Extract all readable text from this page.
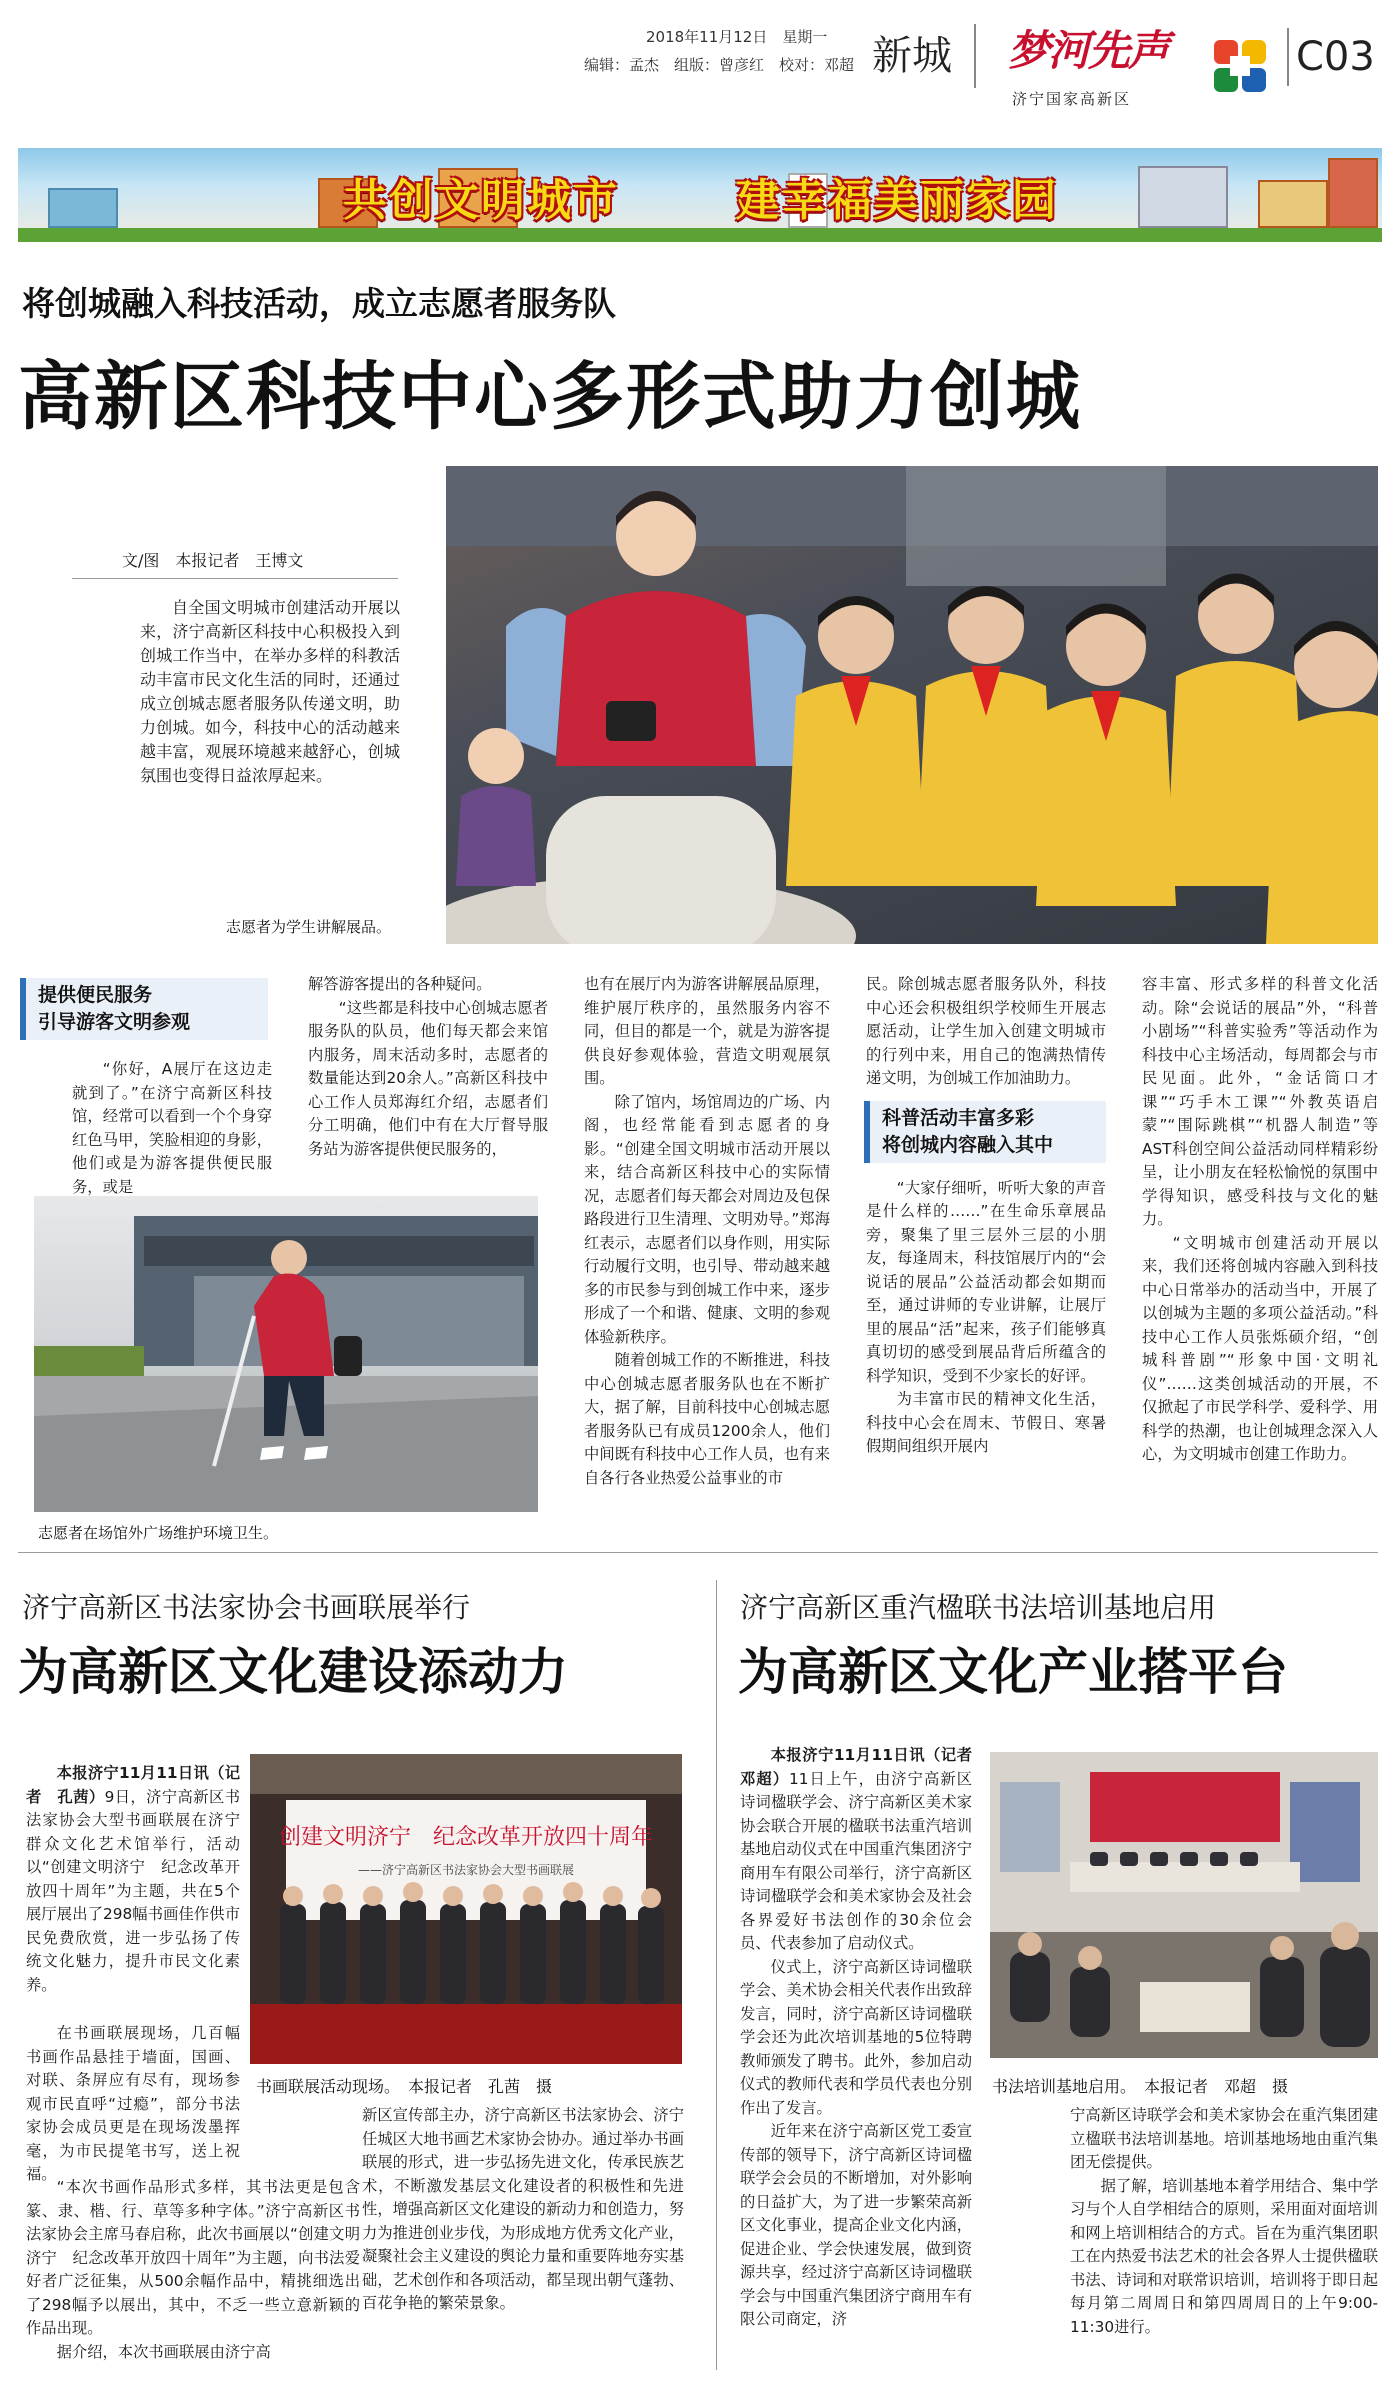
2018年11月12日　星期一
编辑：孟杰　组版：曾彦红　校对：邓超 新城 梦河先声
济宁国家高新区
C03
共创文明城市	建幸福美丽家园
将创城融入科技活动，成立志愿者服务队
高新区科技中心多形式助力创城
文/图　本报记者　王博文

自全国文明城市创建活动开展以来，济宁高新区科技中心积极投入到创城工作当中，在举办多样的科教活动丰富市民文化生活的同时，还通过成立创城志愿者服务队传递文明，助力创城。如今，科技中心的活动越来越丰富，观展环境越来越舒心，创城氛围也变得日益浓厚起来。

志愿者为学生讲解展品。
提供便民服务
引导游客文明参观

“你好，A展厅在这边走就到了。”在济宁高新区科技馆，经常可以看到一个个身穿红色马甲，笑脸相迎的身影，他们或是为游客提供便民服务，或是

志愿者在场馆外广场维护环境卫生。
解答游客提出的各种疑问。

“这些都是科技中心创城志愿者服务队的队员，他们每天都会来馆内服务，周末活动多时，志愿者的数量能达到20余人。”高新区科技中心工作人员郑海红介绍，志愿者们分工明确，他们中有在大厅督导服务站为游客提供便民服务的，

也有在展厅内为游客讲解展品原理，维护展厅秩序的，虽然服务内容不同，但目的都是一个，就是为游客提供良好参观体验，营造文明观展氛围。

除了馆内，场馆周边的广场、内阁，也经常能看到志愿者的身影。“创建全国文明城市活动开展以来，结合高新区科技中心的实际情况，志愿者们每天都会对周边及包保路段进行卫生清理、文明劝导。”郑海红表示，志愿者们以身作则，用实际行动履行文明，也引导、带动越来越多的市民参与到创城工作中来，逐步形成了一个和谐、健康、文明的参观体验新秩序。

随着创城工作的不断推进，科技中心创城志愿者服务队也在不断扩大，据了解，目前科技中心创城志愿者服务队已有成员1200余人，他们中间既有科技中心工作人员，也有来自各行各业热爱公益事业的市

民。除创城志愿者服务队外，科技中心还会积极组织学校师生开展志愿活动，让学生加入创建文明城市的行列中来，用自己的饱满热情传递文明，为创城工作加油助力。
科普活动丰富多彩
将创城内容融入其中

“大家仔细听，听听大象的声音是什么样的……”在生命乐章展品旁，聚集了里三层外三层的小朋友，每逢周末，科技馆展厅内的“会说话的展品”公益活动都会如期而至，通过讲师的专业讲解，让展厅里的展品“活”起来，孩子们能够真真切切的感受到展品背后所蕴含的科学知识，受到不少家长的好评。

为丰富市民的精神文化生活，科技中心会在周末、节假日、寒暑假期间组织开展内

容丰富、形式多样的科普文化活动。除“会说话的展品”外，“科普小剧场”“科普实验秀”等活动作为科技中心主场活动，每周都会与市民见面。此外，“金话筒口才课”“巧手木工课”“外教英语启蒙”“围际跳棋”“机器人制造”等AST科创空间公益活动同样精彩纷呈，让小朋友在轻松愉悦的氛围中学得知识，感受科技与文化的魅力。

“文明城市创建活动开展以来，我们还将创城内容融入到科技中心日常举办的活动当中，开展了以创城为主题的多项公益活动。”科技中心工作人员张烁硕介绍，“创城科普剧”“形象中国·文明礼仪”……这类创城活动的开展，不仅掀起了市民学科学、爱科学、用科学的热潮，也让创城理念深入人心，为文明城市创建工作助力。

济宁高新区书法家协会书画联展举行
为高新区文化建设添动力

本报济宁11月11日讯（记者　孔茜）9日，济宁高新区书法家协会大型书画联展在济宁群众文化艺术馆举行，活动以“创建文明济宁　纪念改革开放四十周年”为主题，共在5个展厅展出了298幅书画佳作供市民免费欣赏，进一步弘扬了传统文化魅力，提升市民文化素养。

在书画联展现场，几百幅书画作品悬挂于墙面，国画、对联、条屏应有尽有，现场参观市民直呼“过瘾”，部分书法家协会成员更是在现场泼墨挥毫，为市民提笔书写，送上祝福。

“本次书画作品形式多样，其书法更是包含篆、隶、楷、行、草等多种字体。”济宁高新区书法家协会主席马春启称，此次书画展以“创建文明济宁　纪念改革开放四十周年”为主题，向书法爱好者广泛征集，从500余幅作品中，精挑细选出了298幅予以展出，其中，不乏一些立意新颖的作品出现。

据介绍，本次书画联展由济宁高

创建文明济宁　纪念改革开放四十周年
——济宁高新区书法家协会大型书画联展
书画联展活动现场。　本报记者　孔茜　摄
新区宣传部主办，济宁高新区书法家协会、济宁任城区大地书画艺术家协会协办。通过举办书画联展的形式，进一步弘扬先进文化，传承民族艺术，不断激发基层文化建设者的积极性和先进性，增强高新区文化建设的新动力和创造力，努力为推进创业步伐，为形成地方优秀文化产业，凝聚社会主义建设的舆论力量和重要阵地夯实基础，艺术创作和各项活动，都呈现出朝气蓬勃、百花争艳的繁荣景象。
济宁高新区重汽楹联书法培训基地启用
为高新区文化产业搭平台

本报济宁11月11日讯（记者　邓超）11日上午，由济宁高新区诗词楹联学会、济宁高新区美术家协会联合开展的楹联书法重汽培训基地启动仪式在中国重汽集团济宁商用车有限公司举行，济宁高新区诗词楹联学会和美术家协会及社会各界爱好书法创作的30余位会员、代表参加了启动仪式。

仪式上，济宁高新区诗词楹联学会、美术协会相关代表作出致辞发言，同时，济宁高新区诗词楹联学会还为此次培训基地的5位特聘教师颁发了聘书。此外，参加启动仪式的教师代表和学员代表也分别作出了发言。

近年来在济宁高新区党工委宣传部的领导下，济宁高新区诗词楹联学会会员的不断增加，对外影响的日益扩大，为了进一步繁荣高新区文化事业，提高企业文化内涵，促进企业、学会快速发展，做到资源共享，经过济宁高新区诗词楹联学会与中国重汽集团济宁商用车有限公司商定，济

书法培训基地启用。　本报记者　邓超　摄
宁高新区诗联学会和美术家协会在重汽集团建立楹联书法培训基地。培训基地场地由重汽集团无偿提供。

据了解，培训基地本着学用结合、集中学习与个人自学相结合的原则，采用面对面培训和网上培训相结合的方式。旨在为重汽集团职工在内热爱书法艺术的社会各界人士提供楹联书法、诗词和对联常识培训，培训将于即日起每月第二周周日和第四周周日的上午9:00-11:30进行。
